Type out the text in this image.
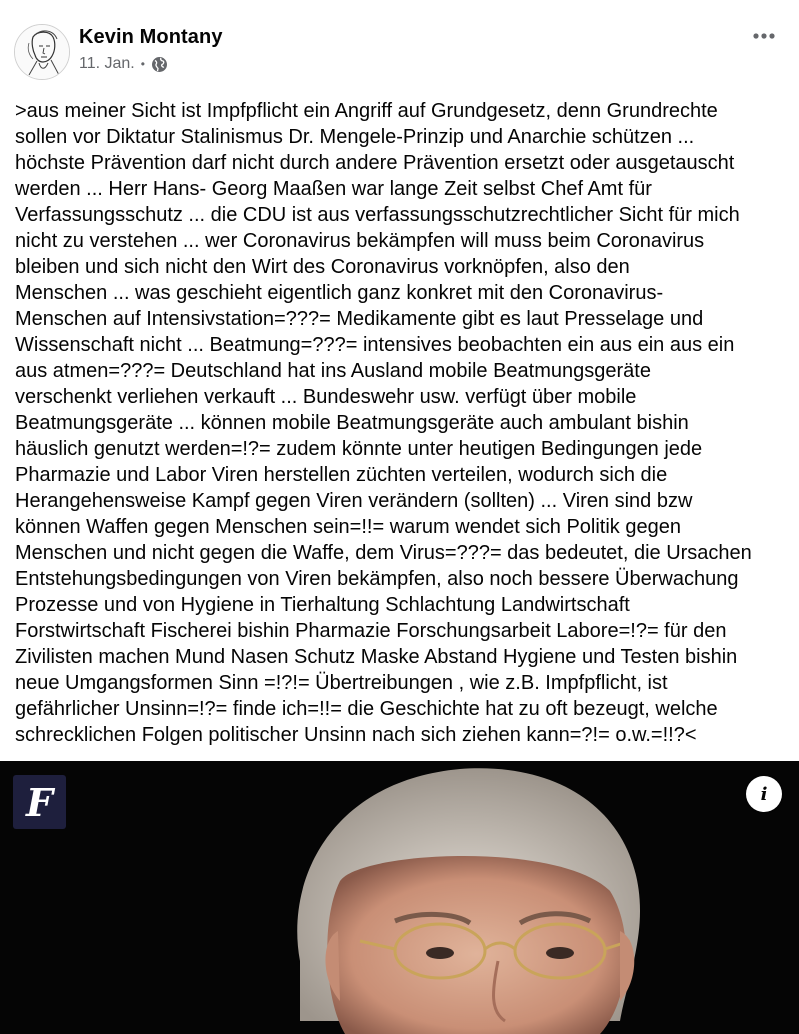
Kevin Montany
11. Jan. •
>aus meiner Sicht ist Impfpflicht ein Angriff auf Grundgesetz, denn Grundrechte
sollen vor Diktatur Stalinismus Dr. Mengele-Prinzip und Anarchie schützen ...
höchste Prävention darf nicht durch andere Prävention ersetzt oder ausgetauscht
werden ... Herr Hans- Georg Maaßen war lange Zeit selbst Chef Amt für
Verfassungsschutz ... die CDU ist aus verfassungsschutzrechtlicher Sicht für mich
nicht zu verstehen ... wer Coronavirus bekämpfen will muss beim Coronavirus
bleiben und sich nicht den Wirt des Coronavirus vorknöpfen, also den
Menschen ... was geschieht eigentlich ganz konkret mit den Coronavirus-
Menschen auf Intensivstation=???= Medikamente gibt es laut Presselage und
Wissenschaft nicht ... Beatmung=???= intensives beobachten ein aus ein aus ein
aus atmen=???= Deutschland hat ins Ausland mobile Beatmungsgeräte
verschenkt verliehen verkauft ... Bundeswehr usw. verfügt über mobile
Beatmungsgeräte ... können mobile Beatmungsgeräte auch ambulant bishin
häuslich genutzt werden=!?= zudem könnte unter heutigen Bedingungen jede
Pharmazie und Labor Viren herstellen züchten verteilen, wodurch sich die
Herangehensweise Kampf gegen Viren verändern (sollten) ... Viren sind bzw
können Waffen gegen Menschen sein=!!= warum wendet sich Politik gegen
Menschen und nicht gegen die Waffe, dem Virus=???= das bedeutet, die Ursachen
Entstehungsbedingungen von Viren bekämpfen, also noch bessere Überwachung
Prozesse und von Hygiene in Tierhaltung Schlachtung Landwirtschaft
Forstwirtschaft Fischerei bishin Pharmazie Forschungsarbeit Labore=!?= für den
Zivilisten machen Mund Nasen Schutz Maske Abstand Hygiene und Testen bishin
neue Umgangsformen Sinn =!?!= Übertreibungen , wie z.B. Impfpflicht, ist
gefährlicher Unsinn=!?= finde ich=!!= die Geschichte hat zu oft bezeugt, welche
schrecklichen Folgen politischer Unsinn nach sich ziehen kann=?!= o.w.=!!?<
F	i
